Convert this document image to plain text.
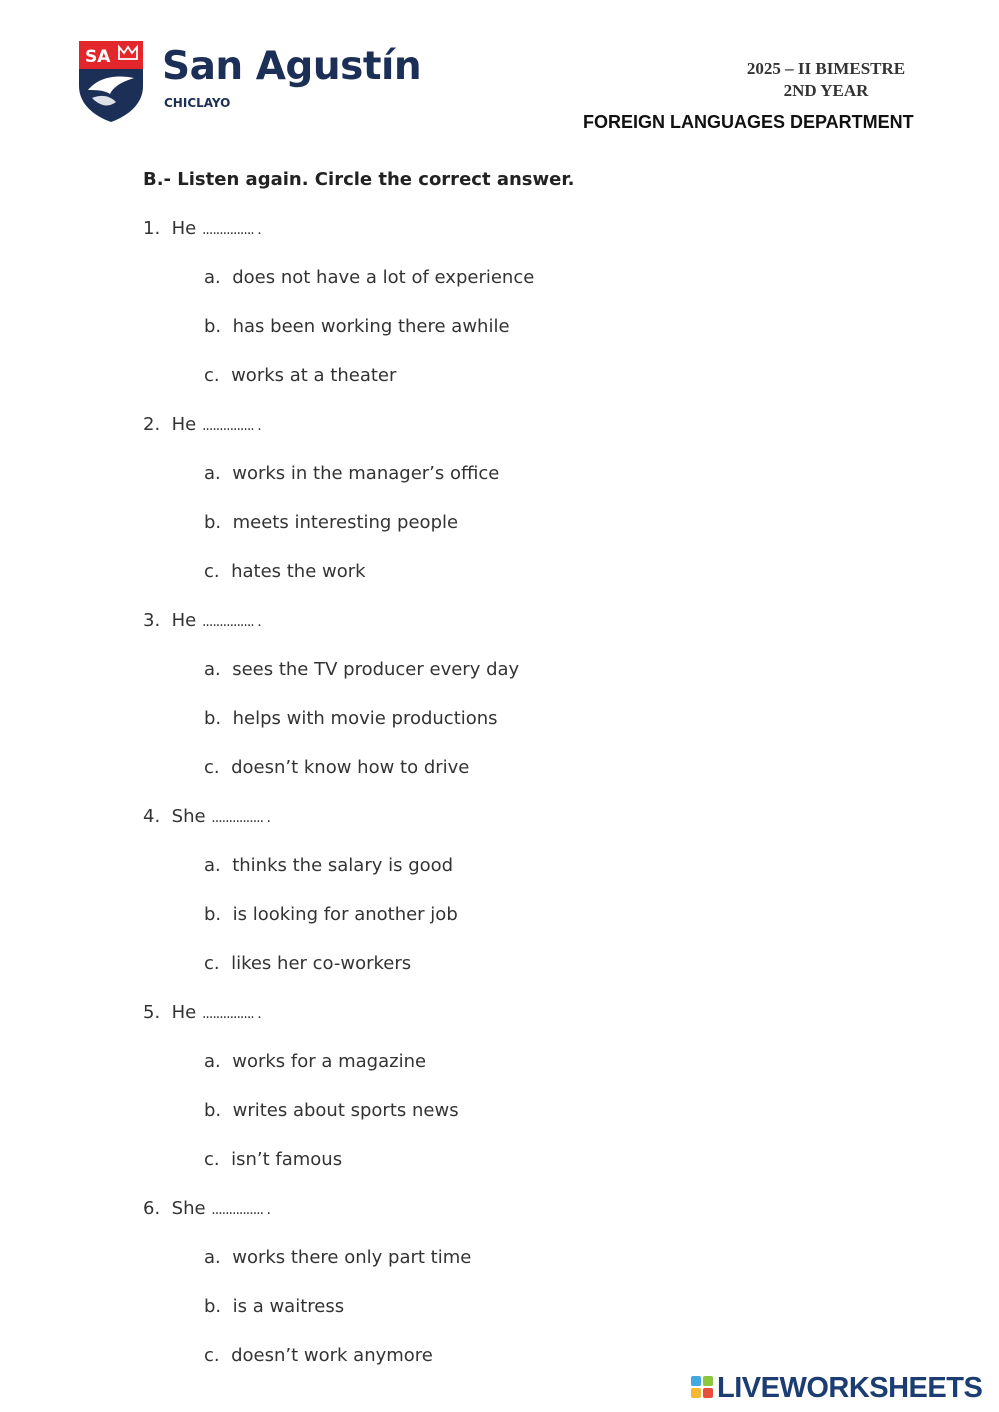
SA San Agustín
CHICLAYO
2025 – II BIMESTRE
2ND YEAR
FOREIGN LANGUAGES DEPARTMENT
B.- Listen again. Circle the correct answer.
1. He ............... .
a. does not have a lot of experience
b. has been working there awhile
c. works at a theater
2. He ............... .
a. works in the manager’s office
b. meets interesting people
c. hates the work
3. He ............... .
a. sees the TV producer every day
b. helps with movie productions
c. doesn’t know how to drive
4. She ............... .
a. thinks the salary is good
b. is looking for another job
c. likes her co-workers
5. He ............... .
a. works for a magazine
b. writes about sports news
c. isn’t famous
6. She ............... .
a. works there only part time
b. is a waitress
c. doesn’t work anymore
LIVEWORKSHEETS
